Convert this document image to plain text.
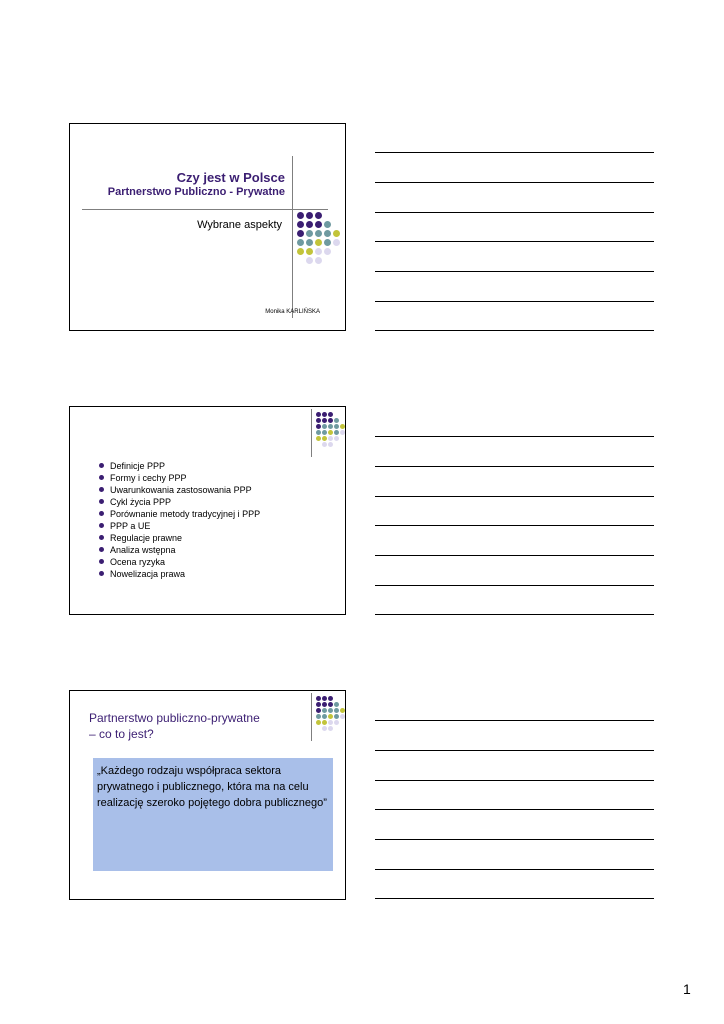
Czy jest w Polsce
Partnerstwo Publiczno - Prywatne
Wybrane aspekty
Monika KARLIŃSKA
Definicje PPP
Formy i cechy PPP
Uwarunkowania zastosowania PPP
Cykl życia PPP
Porównanie metody tradycyjnej i PPP
PPP a UE
Regulacje prawne
Analiza wstępna
Ocena ryzyka
Nowelizacja prawa
Partnerstwo publiczno-prywatne
– co to jest?
„Każdego rodzaju współpraca sektora prywatnego i publicznego, która ma na celu realizację szeroko pojętego dobra publicznego”
1
